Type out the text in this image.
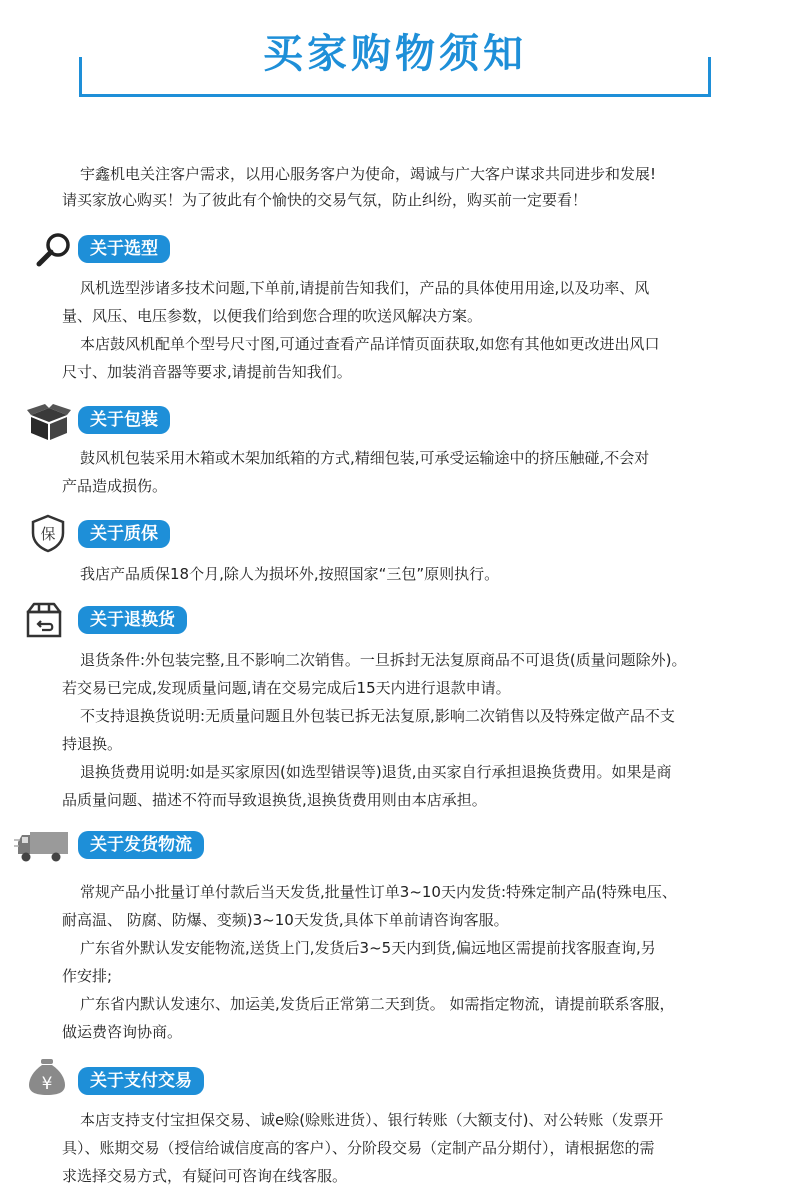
买家购物须知

宇鑫机电关注客户需求，以用心服务客户为使命，竭诚与广大客户谋求共同进步和发展!

请买家放心购买！为了彼此有个愉快的交易气氛，防止纠纷，购买前一定要看！

关于选型
风机选型涉诸多技术问题,下单前,请提前告知我们，产品的具体使用用途,以及功率、风
量、风压、电压参数，以便我们给到您合理的吹送风解决方案。
本店鼓风机配单个型号尺寸图,可通过查看产品详情页面获取,如您有其他如更改进出风口
尺寸、加装消音器等要求,请提前告知我们。
关于包装
鼓风机包装采用木箱或木架加纸箱的方式,精细包装,可承受运输途中的挤压触碰,不会对
产品造成损伤。
保	关于质保
我店产品质保18个月,除人为损坏外,按照国家“三包”原则执行。
关于退换货
退货条件:外包装完整,且不影响二次销售。一旦拆封无法复原商品不可退货(质量问题除外)。
若交易已完成,发现质量问题,请在交易完成后15天内进行退款申请。
不支持退换货说明:无质量问题且外包装已拆无法复原,影响二次销售以及特殊定做产品不支
持退换。
退换货费用说明:如是买家原因(如选型错误等)退货,由买家自行承担退换货费用。如果是商
品质量问题、描述不符而导致退换货,退换货费用则由本店承担。
关于发货物流
常规产品小批量订单付款后当天发货,批量性订单3~10天内发货:特殊定制产品(特殊电压、
耐高温、 防腐、防爆、变频)3~10天发货,具体下单前请咨询客服。
广东省外默认发安能物流,送货上门,发货后3~5天内到货,偏远地区需提前找客服查询,另
作安排;
广东省内默认发速尔、加运美,发货后正常第二天到货。 如需指定物流，请提前联系客服，
做运费咨询协商。
¥	关于支付交易
本店支持支付宝担保交易、诚e赊(赊账进货）、银行转账（大额支付)、对公转账（发票开
具）、账期交易（授信给诚信度高的客户）、分阶段交易（定制产品分期付），请根据您的需
求选择交易方式，有疑问可咨询在线客服。
